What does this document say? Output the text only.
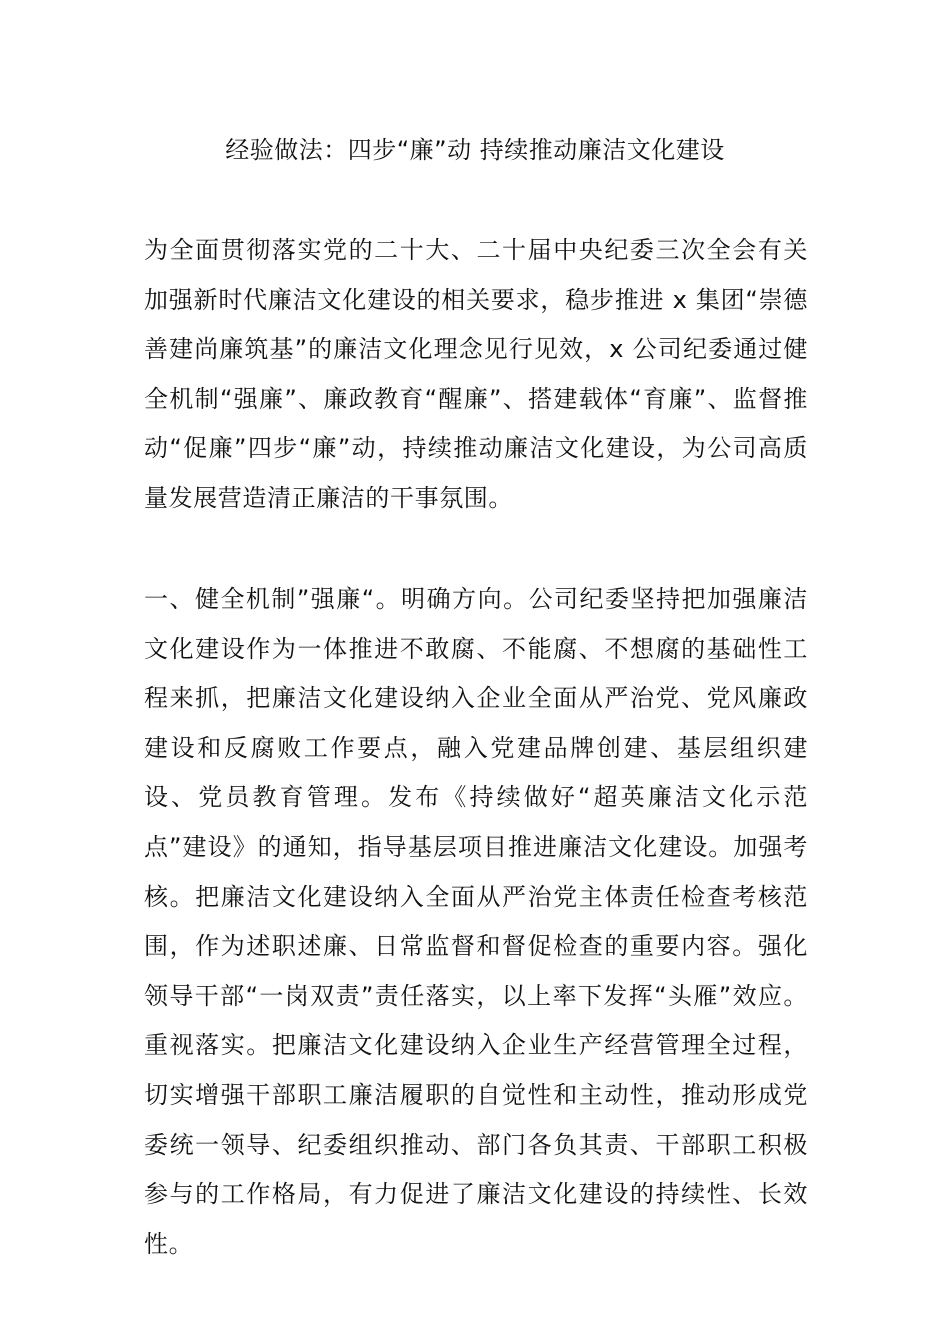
经验做法：四步“廉”动 持续推动廉洁文化建设

为全面贯彻落实党的二十大、二十届中央纪委三次全会有关加强新时代廉洁文化建设的相关要求，稳步推进 x 集团“崇德善建尚廉筑基”的廉洁文化理念见行见效，x 公司纪委通过健全机制“强廉”、廉政教育“醒廉”、搭建载体“育廉”、监督推动“促廉”四步“廉”动，持续推动廉洁文化建设，为公司高质量发展营造清正廉洁的干事氛围。

一、健全机制”强廉“。明确方向。公司纪委坚持把加强廉洁文化建设作为一体推进不敢腐、不能腐、不想腐的基础性工程来抓，把廉洁文化建设纳入企业全面从严治党、党风廉政建设和反腐败工作要点，融入党建品牌创建、基层组织建设、党员教育管理。发布《持续做好“超英廉洁文化示范点”建设》的通知，指导基层项目推进廉洁文化建设。加强考核。把廉洁文化建设纳入全面从严治党主体责任检查考核范围，作为述职述廉、日常监督和督促检查的重要内容。强化领导干部“一岗双责”责任落实，以上率下发挥“头雁”效应。重视落实。把廉洁文化建设纳入企业生产经营管理全过程，切实增强干部职工廉洁履职的自觉性和主动性，推动形成党委统一领导、纪委组织推动、部门各负其责、干部职工积极参与的工作格局，有力促进了廉洁文化建设的持续性、长效性。
